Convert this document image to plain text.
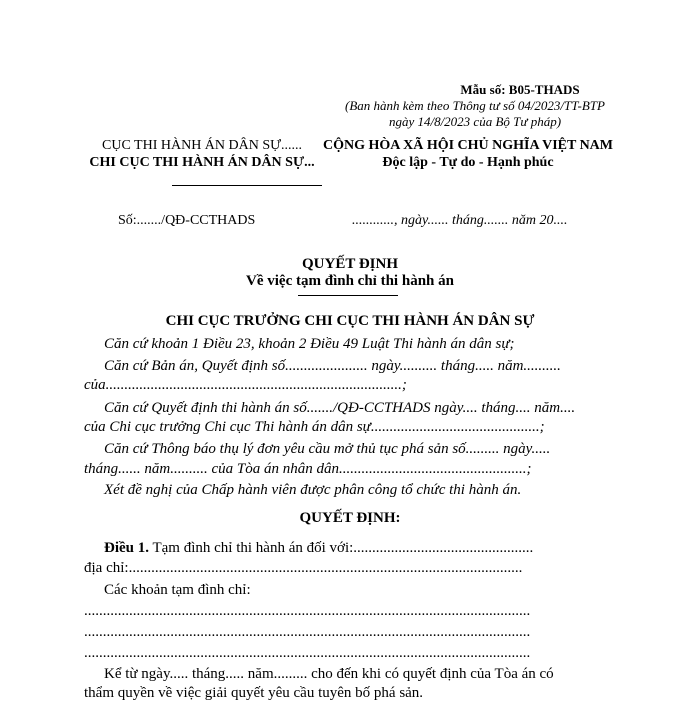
Mẫu số: B05-THADS
(Ban hành kèm theo Thông tư số 04/2023/TT-BTP
ngày 14/8/2023 của Bộ Tư pháp)
CỤC THI HÀNH ÁN DÂN SỰ......
CHI CỤC THI HÀNH ÁN DÂN SỰ...
CỘNG HÒA XÃ HỘI CHỦ NGHĨA VIỆT NAM
Độc lập - Tự do - Hạnh phúc
Số:......./QĐ-CCTHADS	............, ngày...... tháng....... năm 20....
QUYẾT ĐỊNH
Về việc tạm đình chỉ thi hành án
CHI CỤC TRƯỞNG CHI CỤC THI HÀNH ÁN DÂN SỰ
Căn cứ khoản 1 Điều 23, khoản 2 Điều 49 Luật Thi hành án dân sự;
Căn cứ Bản án, Quyết định số...................... ngày.......... tháng..... năm..........
của...............................................................................;
Căn cứ Quyết định thi hành án số......./QĐ-CCTHADS ngày.... tháng.... năm....
của Chi cục trưởng Chi cục Thi hành án dân sự.............................................;
Căn cứ Thông báo thụ lý đơn yêu cầu mở thủ tục phá sản số......... ngày.....
tháng...... năm.......... của Tòa án nhân dân..................................................;
Xét đề nghị của Chấp hành viên được phân công tổ chức thi hành án.
QUYẾT ĐỊNH:
Điều 1. Tạm đình chỉ thi hành án đối với:................................................
địa chỉ:.........................................................................................................
Các khoản tạm đình chỉ:
.......................................................................................................................
.......................................................................................................................
.......................................................................................................................
Kể từ ngày..... tháng..... năm......... cho đến khi có quyết định của Tòa án có
thẩm quyền về việc giải quyết yêu cầu tuyên bố phá sản.
